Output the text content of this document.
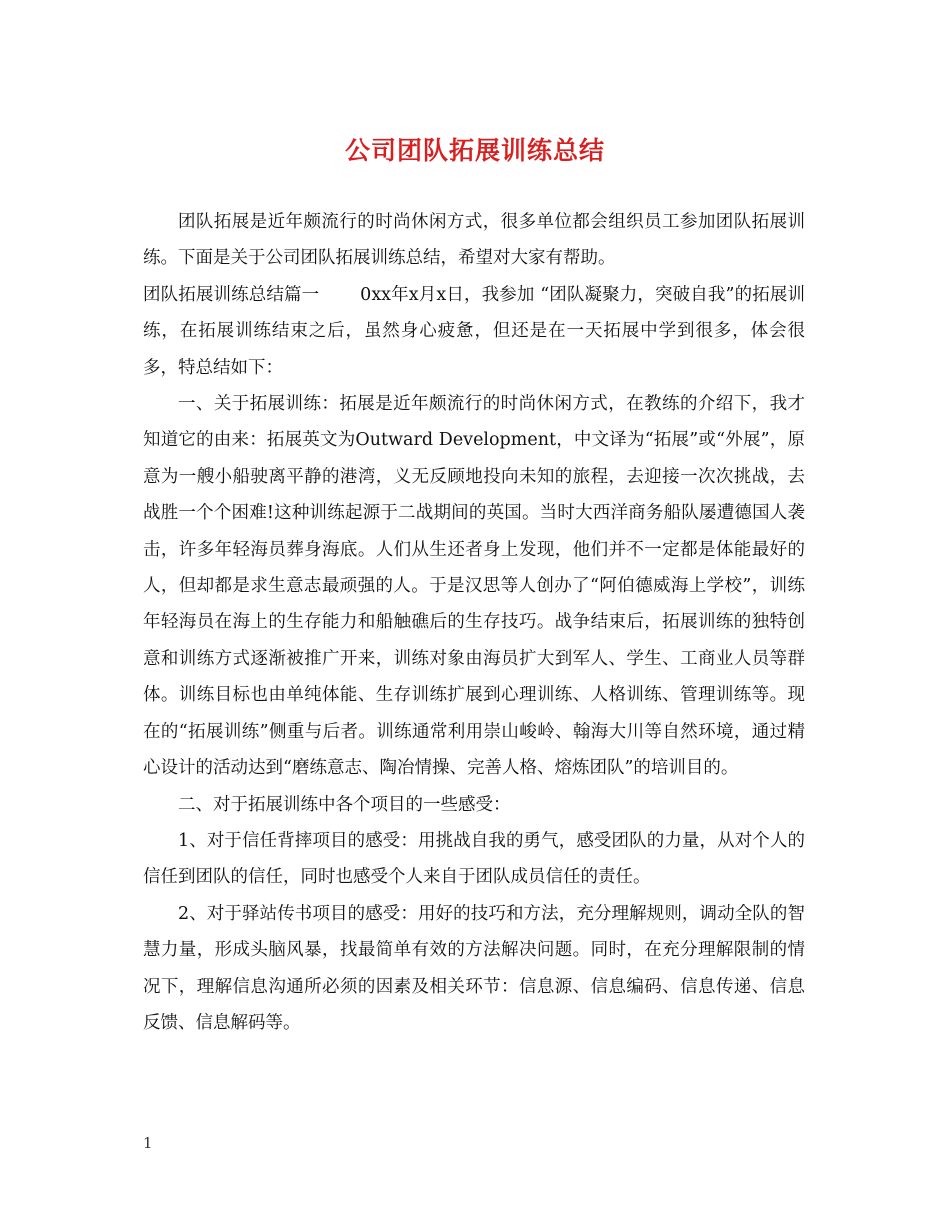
公司团队拓展训练总结

团队拓展是近年颇流行的时尚休闲方式，很多单位都会组织员工参加团队拓展训练。下面是关于公司团队拓展训练总结，希望对大家有帮助。

团队拓展训练总结篇一　　 0xx年x月x日，我参加 “团队凝聚力，突破自我”的拓展训练，在拓展训练结束之后，虽然身心疲惫，但还是在一天拓展中学到很多，体会很多，特总结如下：

一、关于拓展训练：拓展是近年颇流行的时尚休闲方式，在教练的介绍下，我才知道它的由来：拓展英文为Outward Development，中文译为“拓展”或“外展”，原意为一艘小船驶离平静的港湾，义无反顾地投向未知的旅程，去迎接一次次挑战，去战胜一个个困难!这种训练起源于二战期间的英国。当时大西洋商务船队屡遭德国人袭击，许多年轻海员葬身海底。人们从生还者身上发现，他们并不一定都是体能最好的人，但却都是求生意志最顽强的人。于是汉思等人创办了“阿伯德威海上学校”，训练年轻海员在海上的生存能力和船触礁后的生存技巧。战争结束后，拓展训练的独特创意和训练方式逐渐被推广开来，训练对象由海员扩大到军人、学生、工商业人员等群体。训练目标也由单纯体能、生存训练扩展到心理训练、人格训练、管理训练等。现在的“拓展训练”侧重与后者。训练通常利用崇山峻岭、翰海大川等自然环境，通过精心设计的活动达到“磨练意志、陶冶情操、完善人格、熔炼团队”的培训目的。

二、对于拓展训练中各个项目的一些感受：

1、对于信任背摔项目的感受：用挑战自我的勇气，感受团队的力量，从对个人的信任到团队的信任，同时也感受个人来自于团队成员信任的责任。

2、对于驿站传书项目的感受：用好的技巧和方法，充分理解规则，调动全队的智慧力量，形成头脑风暴，找最简单有效的方法解决问题。同时，在充分理解限制的情况下，理解信息沟通所必须的因素及相关环节：信息源、信息编码、信息传递、信息反馈、信息解码等。

1
